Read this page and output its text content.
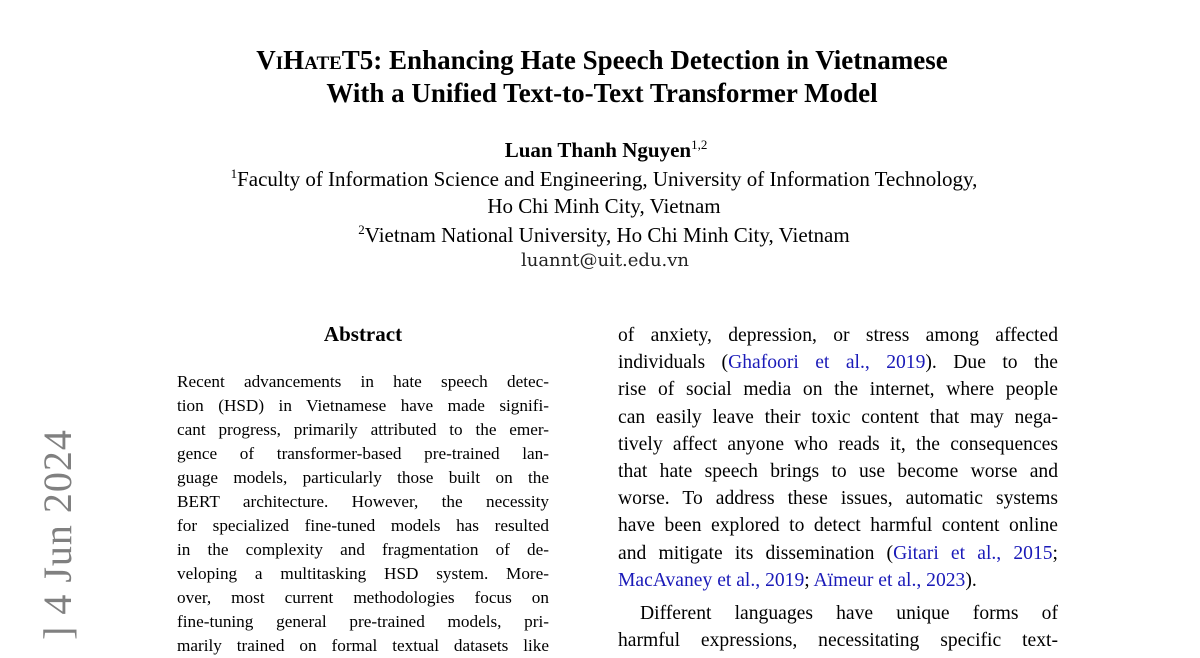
] 4 Jun 2024
ViHateT5: Enhancing Hate Speech Detection in Vietnamese
With a Unified Text-to-Text Transformer Model
Luan Thanh Nguyen$^{1,2}$
$^1$Faculty of Information Science and Engineering, University of Information Technology,
Ho Chi Minh City, Vietnam
$^2$Vietnam National University, Ho Chi Minh City, Vietnam
luannt@uit.edu.vn
Abstract
Recent advancements in hate speech detec-
tion (HSD) in Vietnamese have made signifi-
cant progress, primarily attributed to the emer-
gence of transformer-based pre-trained lan-
guage models, particularly those built on the
BERT architecture. However, the necessity
for specialized fine-tuned models has resulted
in the complexity and fragmentation of de-
veloping a multitasking HSD system. More-
over, most current methodologies focus on
fine-tuning general pre-trained models, pri-
marily trained on formal textual datasets like
of anxiety, depression, or stress among affected
individuals (Ghafoori et al., 2019). Due to the
rise of social media on the internet, where people
can easily leave their toxic content that may nega-
tively affect anyone who reads it, the consequences
that hate speech brings to use become worse and
worse. To address these issues, automatic systems
have been explored to detect harmful content online
and mitigate its dissemination (Gitari et al., 2015;
MacAvaney et al., 2019; Aïmeur et al., 2023).
Different languages have unique forms of
harmful expressions, necessitating specific text-
